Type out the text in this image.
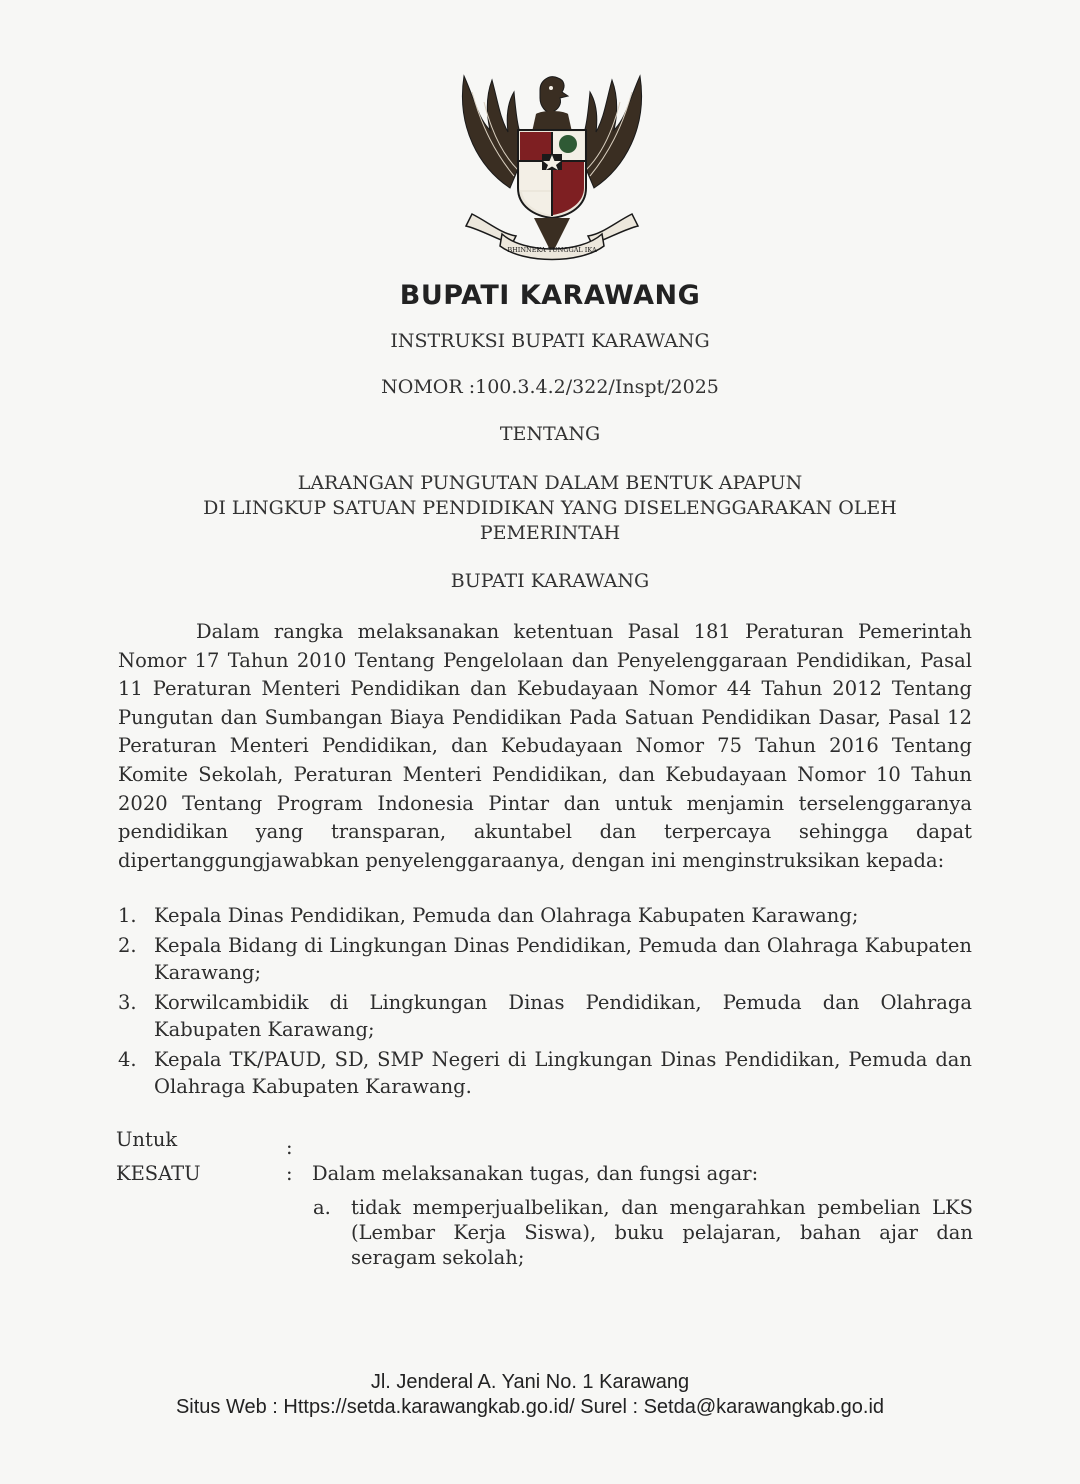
BHINNEKA TUNGGAL IKA
BUPATI KARAWANG
INSTRUKSI BUPATI KARAWANG
NOMOR :100.3.4.2/322/Inspt/2025
TENTANG
LARANGAN PUNGUTAN DALAM BENTUK APAPUN
DI LINGKUP SATUAN PENDIDIKAN YANG DISELENGGARAKAN OLEH
PEMERINTAH
BUPATI KARAWANG
Dalam rangka melaksanakan ketentuan Pasal 181 Peraturan Pemerintah Nomor 17 Tahun 2010 Tentang Pengelolaan dan Penyelenggaraan Pendidikan, Pasal 11 Peraturan Menteri Pendidikan dan Kebudayaan Nomor 44 Tahun 2012 Tentang Pungutan dan Sumbangan Biaya Pendidikan Pada Satuan Pendidikan Dasar, Pasal 12 Peraturan Menteri Pendidikan, dan Kebudayaan Nomor 75 Tahun 2016 Tentang Komite Sekolah, Peraturan Menteri Pendidikan, dan Kebudayaan Nomor 10 Tahun 2020 Tentang Program Indonesia Pintar dan untuk menjamin terselenggaranya pendidikan yang transparan, akuntabel dan terpercaya sehingga dapat dipertanggungjawabkan penyelenggaraanya, dengan ini menginstruksikan kepada:
1. Kepala Dinas Pendidikan, Pemuda dan Olahraga Kabupaten Karawang;
2. Kepala Bidang di Lingkungan Dinas Pendidikan, Pemuda dan Olahraga Kabupaten Karawang;
3. Korwilcambidik di Lingkungan Dinas Pendidikan, Pemuda dan Olahraga Kabupaten Karawang;
4. Kepala TK/PAUD, SD, SMP Negeri di Lingkungan Dinas Pendidikan, Pemuda dan Olahraga Kabupaten Karawang.
Untuk	:
KESATU	: Dalam melaksanakan tugas, dan fungsi agar:
a.	tidak memperjualbelikan, dan mengarahkan pembelian LKS (Lembar Kerja Siswa), buku pelajaran, bahan ajar dan seragam sekolah;
Jl. Jenderal A. Yani No. 1 Karawang
Situs Web : Https://setda.karawangkab.go.id/ Surel : Setda@karawangkab.go.id
